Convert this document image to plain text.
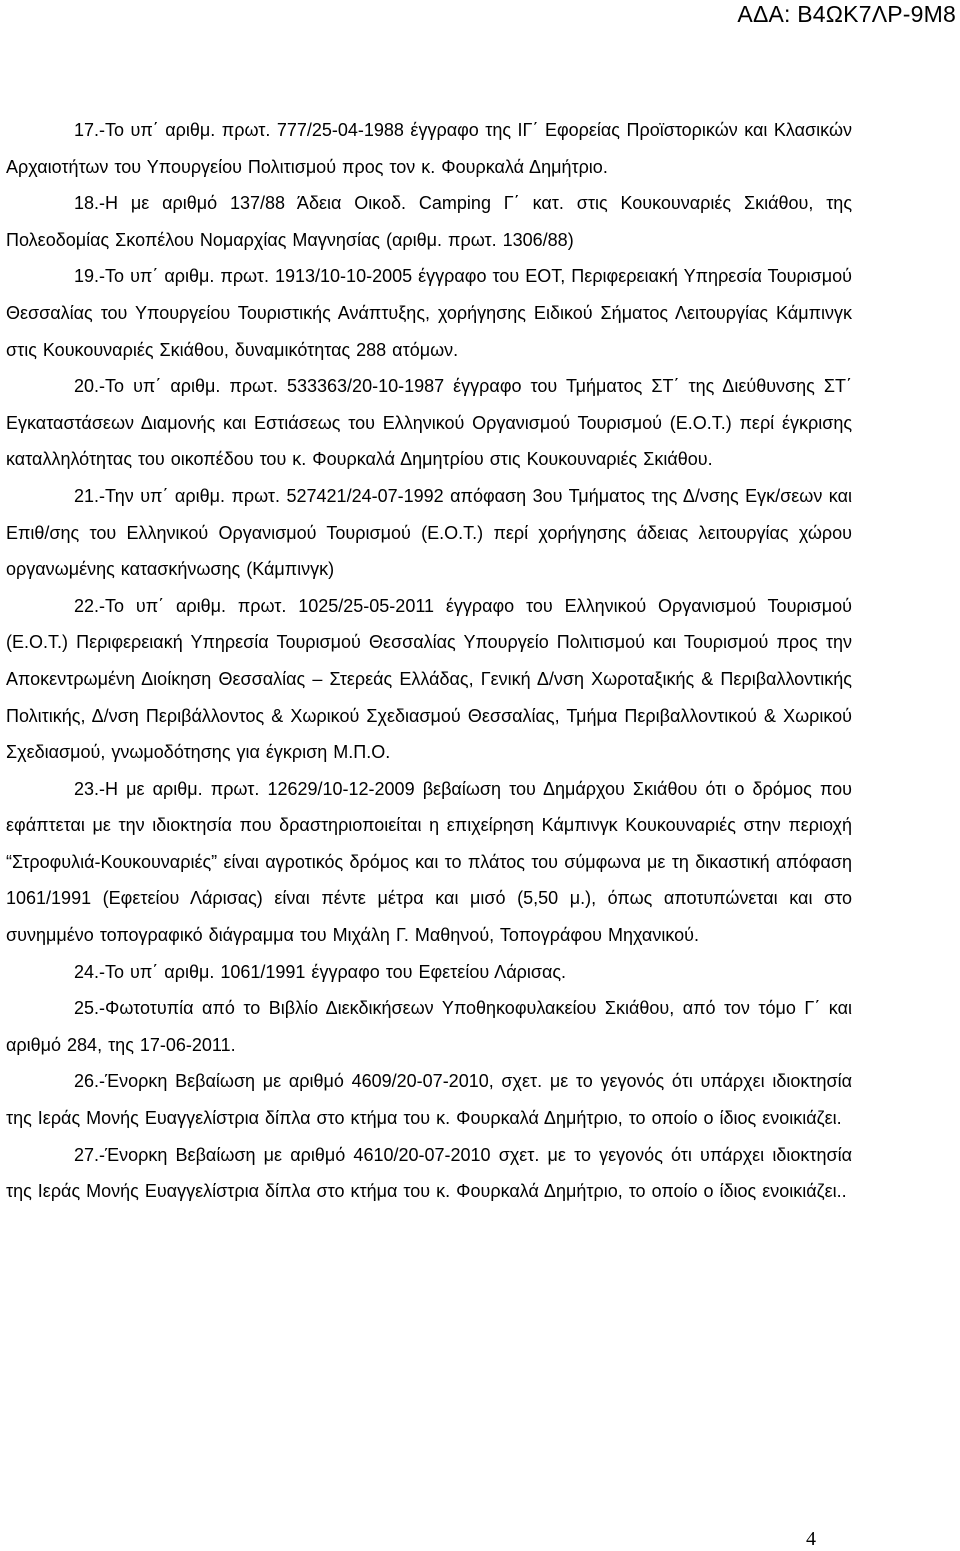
ΑΔΑ: Β4ΩΚ7ΛΡ-9Μ8

17.-Το υπ΄ αριθμ. πρωτ. 777/25-04-1988 έγγραφο της ΙΓ΄ Εφορείας Προϊστορικών και Κλασικών Αρχαιοτήτων του Υπουργείου Πολιτισμού προς τον κ. Φουρκαλά Δημήτριο.

18.-Η με αριθμό 137/88 Άδεια Οικοδ. Camping Γ΄ κατ. στις Κουκουναριές Σκιάθου, της Πολεοδομίας Σκοπέλου Νομαρχίας Μαγνησίας (αριθμ. πρωτ. 1306/88)

19.-Το υπ΄ αριθμ. πρωτ. 1913/10-10-2005 έγγραφο του ΕΟΤ, Περιφερειακή Υπηρεσία Τουρισμού Θεσσαλίας του Υπουργείου Τουριστικής Ανάπτυξης, χορήγησης Ειδικού Σήματος Λειτουργίας Κάμπινγκ στις Κουκουναριές Σκιάθου, δυναμικότητας 288 ατόμων.

20.-Το υπ΄ αριθμ. πρωτ. 533363/20-10-1987 έγγραφο του Τμήματος ΣΤ΄ της Διεύθυνσης ΣΤ΄ Εγκαταστάσεων Διαμονής και Εστιάσεως του Ελληνικού Οργανισμού Τουρισμού (Ε.Ο.Τ.) περί έγκρισης καταλληλότητας του οικοπέδου του κ. Φουρκαλά Δημητρίου στις Κουκουναριές Σκιάθου.

21.-Την υπ΄ αριθμ. πρωτ. 527421/24-07-1992 απόφαση 3ου Τμήματος της Δ/νσης Εγκ/σεων και Επιθ/σης του Ελληνικού Οργανισμού Τουρισμού (Ε.Ο.Τ.) περί χορήγησης άδειας λειτουργίας χώρου οργανωμένης κατασκήνωσης (Κάμπινγκ)

22.-Το υπ΄ αριθμ. πρωτ. 1025/25-05-2011 έγγραφο του Ελληνικού Οργανισμού Τουρισμού (Ε.Ο.Τ.) Περιφερειακή Υπηρεσία Τουρισμού Θεσσαλίας Υπουργείο Πολιτισμού και Τουρισμού προς την Αποκεντρωμένη Διοίκηση Θεσσαλίας – Στερεάς Ελλάδας, Γενική Δ/νση Χωροταξικής & Περιβαλλοντικής Πολιτικής, Δ/νση Περιβάλλοντος & Χωρικού Σχεδιασμού Θεσσαλίας, Τμήμα Περιβαλλοντικού & Χωρικού Σχεδιασμού, γνωμοδότησης για έγκριση Μ.Π.Ο.

23.-Η με αριθμ. πρωτ. 12629/10-12-2009 βεβαίωση του Δημάρχου Σκιάθου ότι ο δρόμος που εφάπτεται με την ιδιοκτησία που δραστηριοποιείται η επιχείρηση Κάμπινγκ Κουκουναριές στην περιοχή “Στροφυλιά-Κουκουναριές” είναι αγροτικός δρόμος και το πλάτος του σύμφωνα με τη δικαστική απόφαση 1061/1991 (Εφετείου Λάρισας) είναι πέντε μέτρα και μισό (5,50 μ.), όπως αποτυπώνεται και στο συνημμένο τοπογραφικό διάγραμμα του Μιχάλη Γ. Μαθηνού, Τοπογράφου Μηχανικού.

24.-Το υπ΄ αριθμ. 1061/1991 έγγραφο του Εφετείου Λάρισας.

25.-Φωτοτυπία από το Βιβλίο Διεκδικήσεων Υποθηκοφυλακείου Σκιάθου, από τον τόμο Γ΄ και αριθμό 284, της 17-06-2011.

26.-Ένορκη Βεβαίωση με αριθμό 4609/20-07-2010, σχετ. με το γεγονός ότι υπάρχει ιδιοκτησία της Ιεράς Μονής Ευαγγελίστρια δίπλα στο κτήμα του κ. Φουρκαλά Δημήτριο, το οποίο ο ίδιος ενοικιάζει.

27.-Ένορκη Βεβαίωση με αριθμό 4610/20-07-2010 σχετ. με το γεγονός ότι υπάρχει ιδιοκτησία της Ιεράς Μονής Ευαγγελίστρια δίπλα στο κτήμα του κ. Φουρκαλά Δημήτριο, το οποίο ο ίδιος ενοικιάζει..

4
